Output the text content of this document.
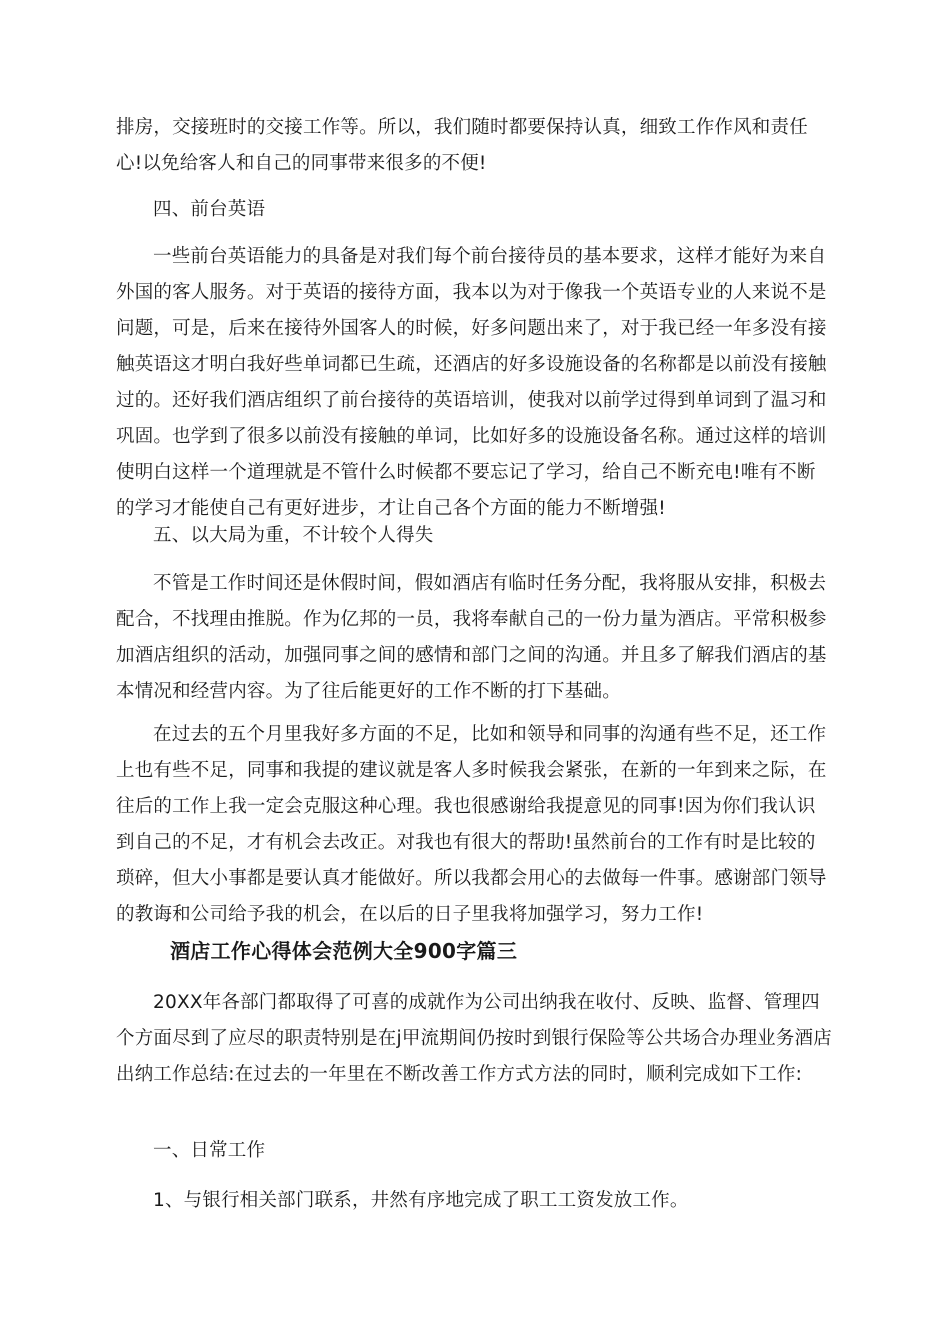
排房，交接班时的交接工作等。所以，我们随时都要保持认真，细致工作作风和责任心!以免给客人和自己的同事带来很多的不便!

四、前台英语

一些前台英语能力的具备是对我们每个前台接待员的基本要求，这样才能好为来自外国的客人服务。对于英语的接待方面，我本以为对于像我一个英语专业的人来说不是问题，可是，后来在接待外国客人的时候，好多问题出来了，对于我已经一年多没有接触英语这才明白我好些单词都已生疏，还酒店的好多设施设备的名称都是以前没有接触过的。还好我们酒店组织了前台接待的英语培训，使我对以前学过得到单词到了温习和巩固。也学到了很多以前没有接触的单词，比如好多的设施设备名称。通过这样的培训使明白这样一个道理就是不管什么时候都不要忘记了学习，给自己不断充电!唯有不断的学习才能使自己有更好进步，才让自己各个方面的能力不断增强!

五、以大局为重，不计较个人得失

不管是工作时间还是休假时间，假如酒店有临时任务分配，我将服从安排，积极去配合，不找理由推脱。作为亿邦的一员，我将奉献自己的一份力量为酒店。平常积极参加酒店组织的活动，加强同事之间的感情和部门之间的沟通。并且多了解我们酒店的基本情况和经营内容。为了往后能更好的工作不断的打下基础。

在过去的五个月里我好多方面的不足，比如和领导和同事的沟通有些不足，还工作上也有些不足，同事和我提的建议就是客人多时候我会紧张，在新的一年到来之际，在往后的工作上我一定会克服这种心理。我也很感谢给我提意见的同事!因为你们我认识到自己的不足，才有机会去改正。对我也有很大的帮助!虽然前台的工作有时是比较的琐碎，但大小事都是要认真才能做好。所以我都会用心的去做每一件事。感谢部门领导的教诲和公司给予我的机会，在以后的日子里我将加强学习，努力工作!

酒店工作心得体会范例大全900字篇三

20XX年各部门都取得了可喜的成就作为公司出纳我在收付、反映、监督、管理四个方面尽到了应尽的职责特别是在j甲流期间仍按时到银行保险等公共场合办理业务酒店出纳工作总结:在过去的一年里在不断改善工作方式方法的同时，顺利完成如下工作:

一、日常工作

1、与银行相关部门联系，井然有序地完成了职工工资发放工作。
